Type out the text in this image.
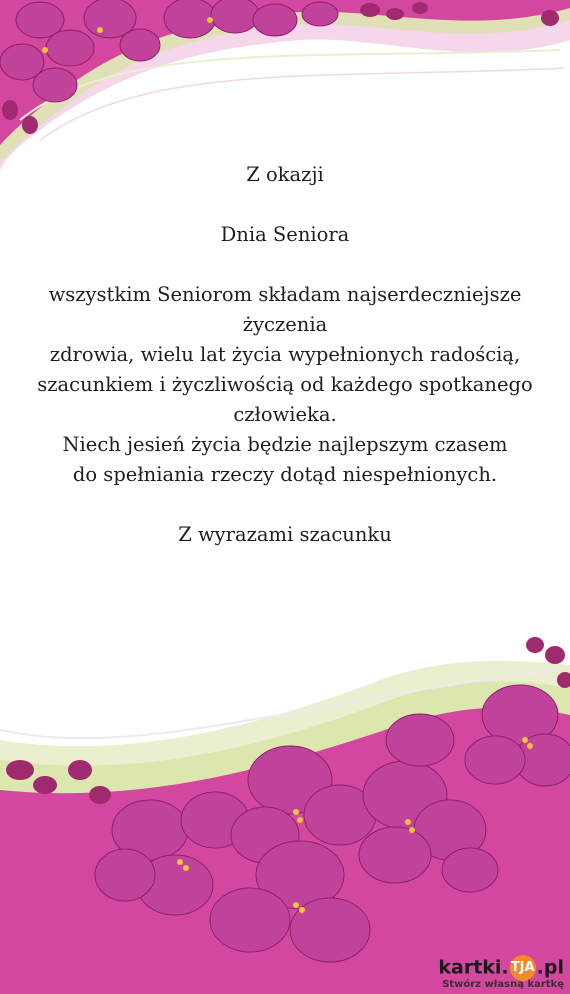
Z okazji
Dnia Seniora
wszystkim Seniorom składam najserdeczniejsze życzenia
zdrowia, wielu lat życia wypełnionych radością,
szacunkiem i życzliwością od każdego spotkanego człowieka.
Niech jesień życia będzie najlepszym czasem
do spełniania rzeczy dotąd niespełnionych.
Z wyrazami szacunku
kartki. TJA .pl
Stwórz własną kartkę
